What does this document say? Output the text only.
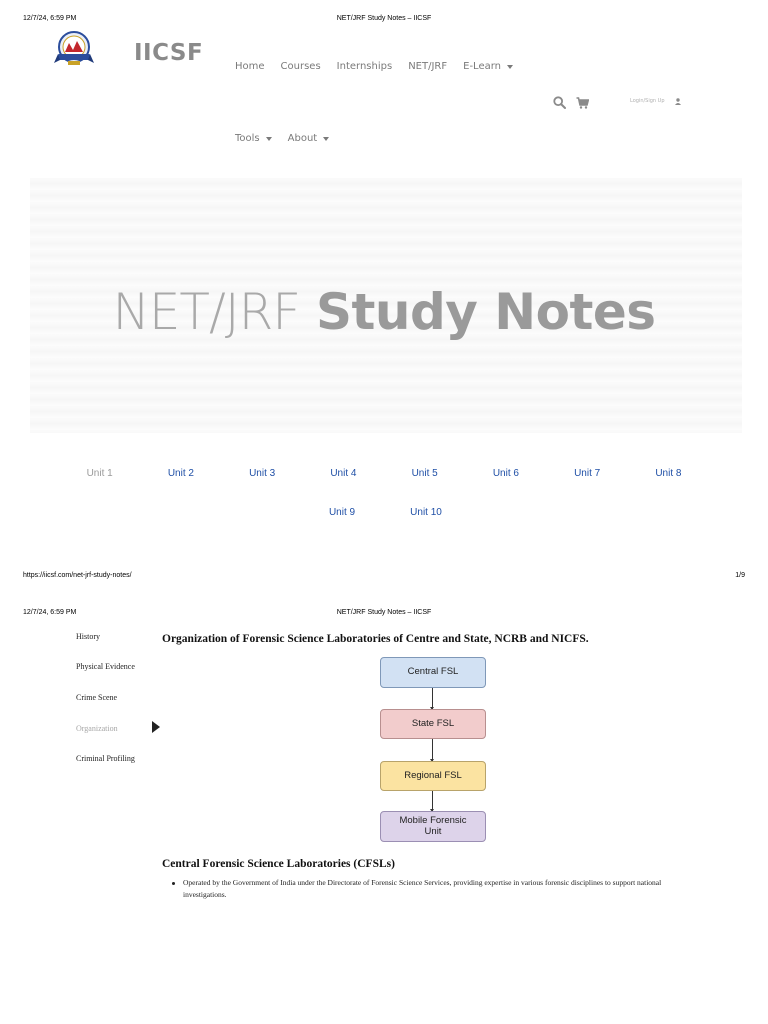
12/7/24, 6:59 PM	NET/JRF Study Notes – IICSF
IICSF
Home Courses Internships NET/JRF E-Learn
Login/Sign Up
Tools	About
NET/JRF Study Notes
Unit 1	Unit 2	Unit 3	Unit 4	Unit 5	Unit 6	Unit 7	Unit 8
Unit 9	Unit 10
https://iicsf.com/net-jrf-study-notes/	1/9
12/7/24, 6:59 PM	NET/JRF Study Notes – IICSF
History
Physical Evidence
Crime Scene
Organization
Criminal Profiling
Organization of Forensic Science Laboratories of Centre and State, NCRB and NICFS.
Central FSL
State FSL
Regional FSL
Mobile Forensic Unit
Central Forensic Science Laboratories (CFSLs)
Operated by the Government of India under the Directorate of Forensic Science Services, providing expertise in various forensic disciplines to support national investigations.
